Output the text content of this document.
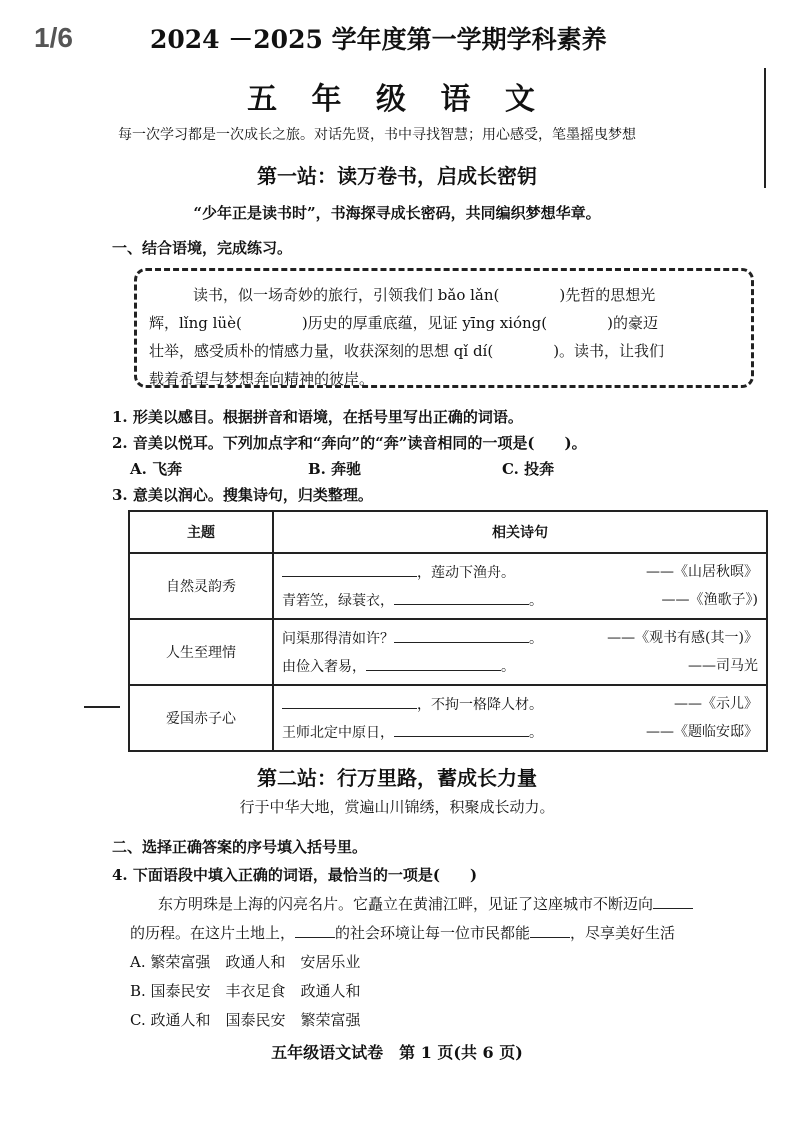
1/6	2024 －2025 学年度第一学期学科素养
五 年 级 语 文
每一次学习都是一次成长之旅。对话先贤，书中寻找智慧；用心感受，笔墨摇曳梦想
第一站：读万卷书，启成长密钥
“少年正是读书时”，书海探寻成长密码，共同编织梦想华章。
一、结合语境，完成练习。

读书，似一场奇妙的旅行，引领我们 bǎo lǎn(　　　　)先哲的思想光

辉，lǐng lüè(　　　　)历史的厚重底蕴，见证 yīng xióng(　　　　)的豪迈

壮举，感受质朴的情感力量，收获深刻的思想 qǐ dí(　　　　)。读书，让我们

载着希望与梦想奔向精神的彼岸。

1. 形美以感目。根据拼音和语境，在括号里写出正确的词语。
2. 音美以悦耳。下列加点字和“奔向”的“奔”读音相同的一项是(　　)。
A. 飞奔	B. 奔驰	C. 投奔
3. 意美以润心。搜集诗句，归类整理。
主题	相关诗句
自然灵韵秀	，莲动下渔舟。 ——《山居秋暝》
青箬笠，绿蓑衣， 。 ——《渔歌子》)

人生至理情	问渠那得清如许？ 。 ——《观书有感(其一)》
由俭入奢易， 。 ——司马光

爱国赤子心	，不拘一格降人材。 ——《示儿》
王师北定中原日， 。 ——《题临安邸》
第二站：行万里路，蓄成长力量
行于中华大地，赏遍山川锦绣，积聚成长动力。
二、选择正确答案的序号填入括号里。
4. 下面语段中填入正确的词语，最恰当的一项是(　　)

东方明珠是上海的闪亮名片。它矗立在黄浦江畔，见证了这座城市不断迈向

的历程。在这片土地上，	的社会环境让每一位市民都能	，尽享美好生活

A. 繁荣富强　政通人和　安居乐业

B. 国泰民安　丰衣足食　政通人和

C. 政通人和　国泰民安　繁荣富强

五年级语文试卷　第 1 页(共 6 页)
